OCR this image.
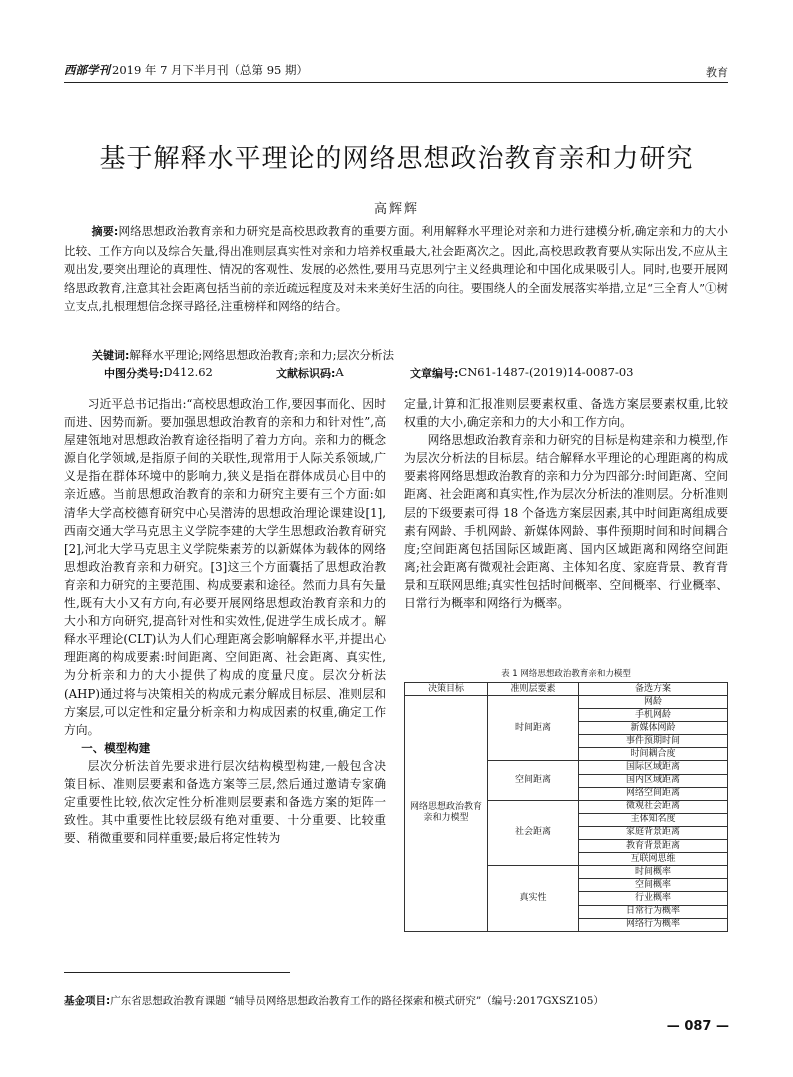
西部学刊 2019 年 7 月下半月刊（总第 95 期）	教育
基于解释水平理论的网络思想政治教育亲和力研究
高辉辉
摘要:网络思想政治教育亲和力研究是高校思政教育的重要方面。利用解释水平理论对亲和力进行建模分析,确定亲和力的大小比较、工作方向以及综合矢量,得出准则层真实性对亲和力培养权重最大,社会距离次之。因此,高校思政教育要从实际出发,不应从主观出发,要突出理论的真理性、情况的客观性、发展的必然性,要用马克思列宁主义经典理论和中国化成果吸引人。同时,也要开展网络思政教育,注意其社会距离包括当前的亲近疏远程度及对未来美好生活的向往。要围绕人的全面发展落实举措,立足“三全育人”①树立支点,扎根理想信念探寻路径,注重榜样和网络的结合。
关键词:解释水平理论;网络思想政治教育;亲和力;层次分析法
中图分类号: D412.62	文献标识码: A	文章编号: CN61-1487-(2019)14-0087-03

习近平总书记指出:“高校思想政治工作,要因事而化、因时而进、因势而新。要加强思想政治教育的亲和力和针对性”,高屋建瓴地对思想政治教育途径指明了着力方向。亲和力的概念源自化学领域,是指原子间的关联性,现常用于人际关系领域,广义是指在群体环境中的影响力,狭义是指在群体成员心目中的亲近感。当前思想政治教育的亲和力研究主要有三个方面:如清华大学高校德育研究中心吴潜涛的思想政治理论课建设[1],西南交通大学马克思主义学院李建的大学生思想政治教育研究[2],河北大学马克思主义学院柴素芳的以新媒体为载体的网络思想政治教育亲和力研究。[3]这三个方面囊括了思想政治教育亲和力研究的主要范围、构成要素和途径。然而力具有矢量性,既有大小又有方向,有必要开展网络思想政治教育亲和力的大小和方向研究,提高针对性和实效性,促进学生成长成才。解释水平理论(CLT)认为人们心理距离会影响解释水平,并提出心理距离的构成要素:时间距离、空间距离、社会距离、真实性,为分析亲和力的大小提供了构成的度量尺度。层次分析法(AHP)通过将与决策相关的构成元素分解成目标层、准则层和方案层,可以定性和定量分析亲和力构成因素的权重,确定工作方向。

一、模型构建

层次分析法首先要求进行层次结构模型构建,一般包含决策目标、准则层要素和备选方案等三层,然后通过邀请专家确定重要性比较,依次定性分析准则层要素和备选方案的矩阵一致性。其中重要性比较层级有绝对重要、十分重要、比较重要、稍微重要和同样重要;最后将定性转为

定量,计算和汇报准则层要素权重、备选方案层要素权重,比较权重的大小,确定亲和力的大小和工作方向。

网络思想政治教育亲和力研究的目标是构建亲和力模型,作为层次分析法的目标层。结合解释水平理论的心理距离的构成要素将网络思想政治教育的亲和力分为四部分:时间距离、空间距离、社会距离和真实性,作为层次分析法的准则层。分析准则层的下级要素可得 18 个备选方案层因素,其中时间距离组成要素有网龄、手机网龄、新媒体网龄、事件预期时间和时间耦合度;空间距离包括国际区域距离、国内区域距离和网络空间距离;社会距离有微观社会距离、主体知名度、家庭背景、教育背景和互联网思维;真实性包括时间概率、空间概率、行业概率、日常行为概率和网络行为概率。

表 1 网络思想政治教育亲和力模型
决策目标	准则层要素	备选方案
网络思想政治教育亲和力模型	时间距离	网龄
		手机网龄
		新媒体网龄
		事件预期时间
		时间耦合度
	空间距离	国际区域距离
		国内区域距离
		网络空间距离
	社会距离	微观社会距离
		主体知名度
		家庭背景距离
		教育背景距离
		互联网思维
	真实性	时间概率
		空间概率
		行业概率
		日常行为概率
		网络行为概率
基金项目:广东省思想政治教育课题 “辅导员网络思想政治教育工作的路径探索和模式研究”（编号:2017GXSZ105）
— 087 —
